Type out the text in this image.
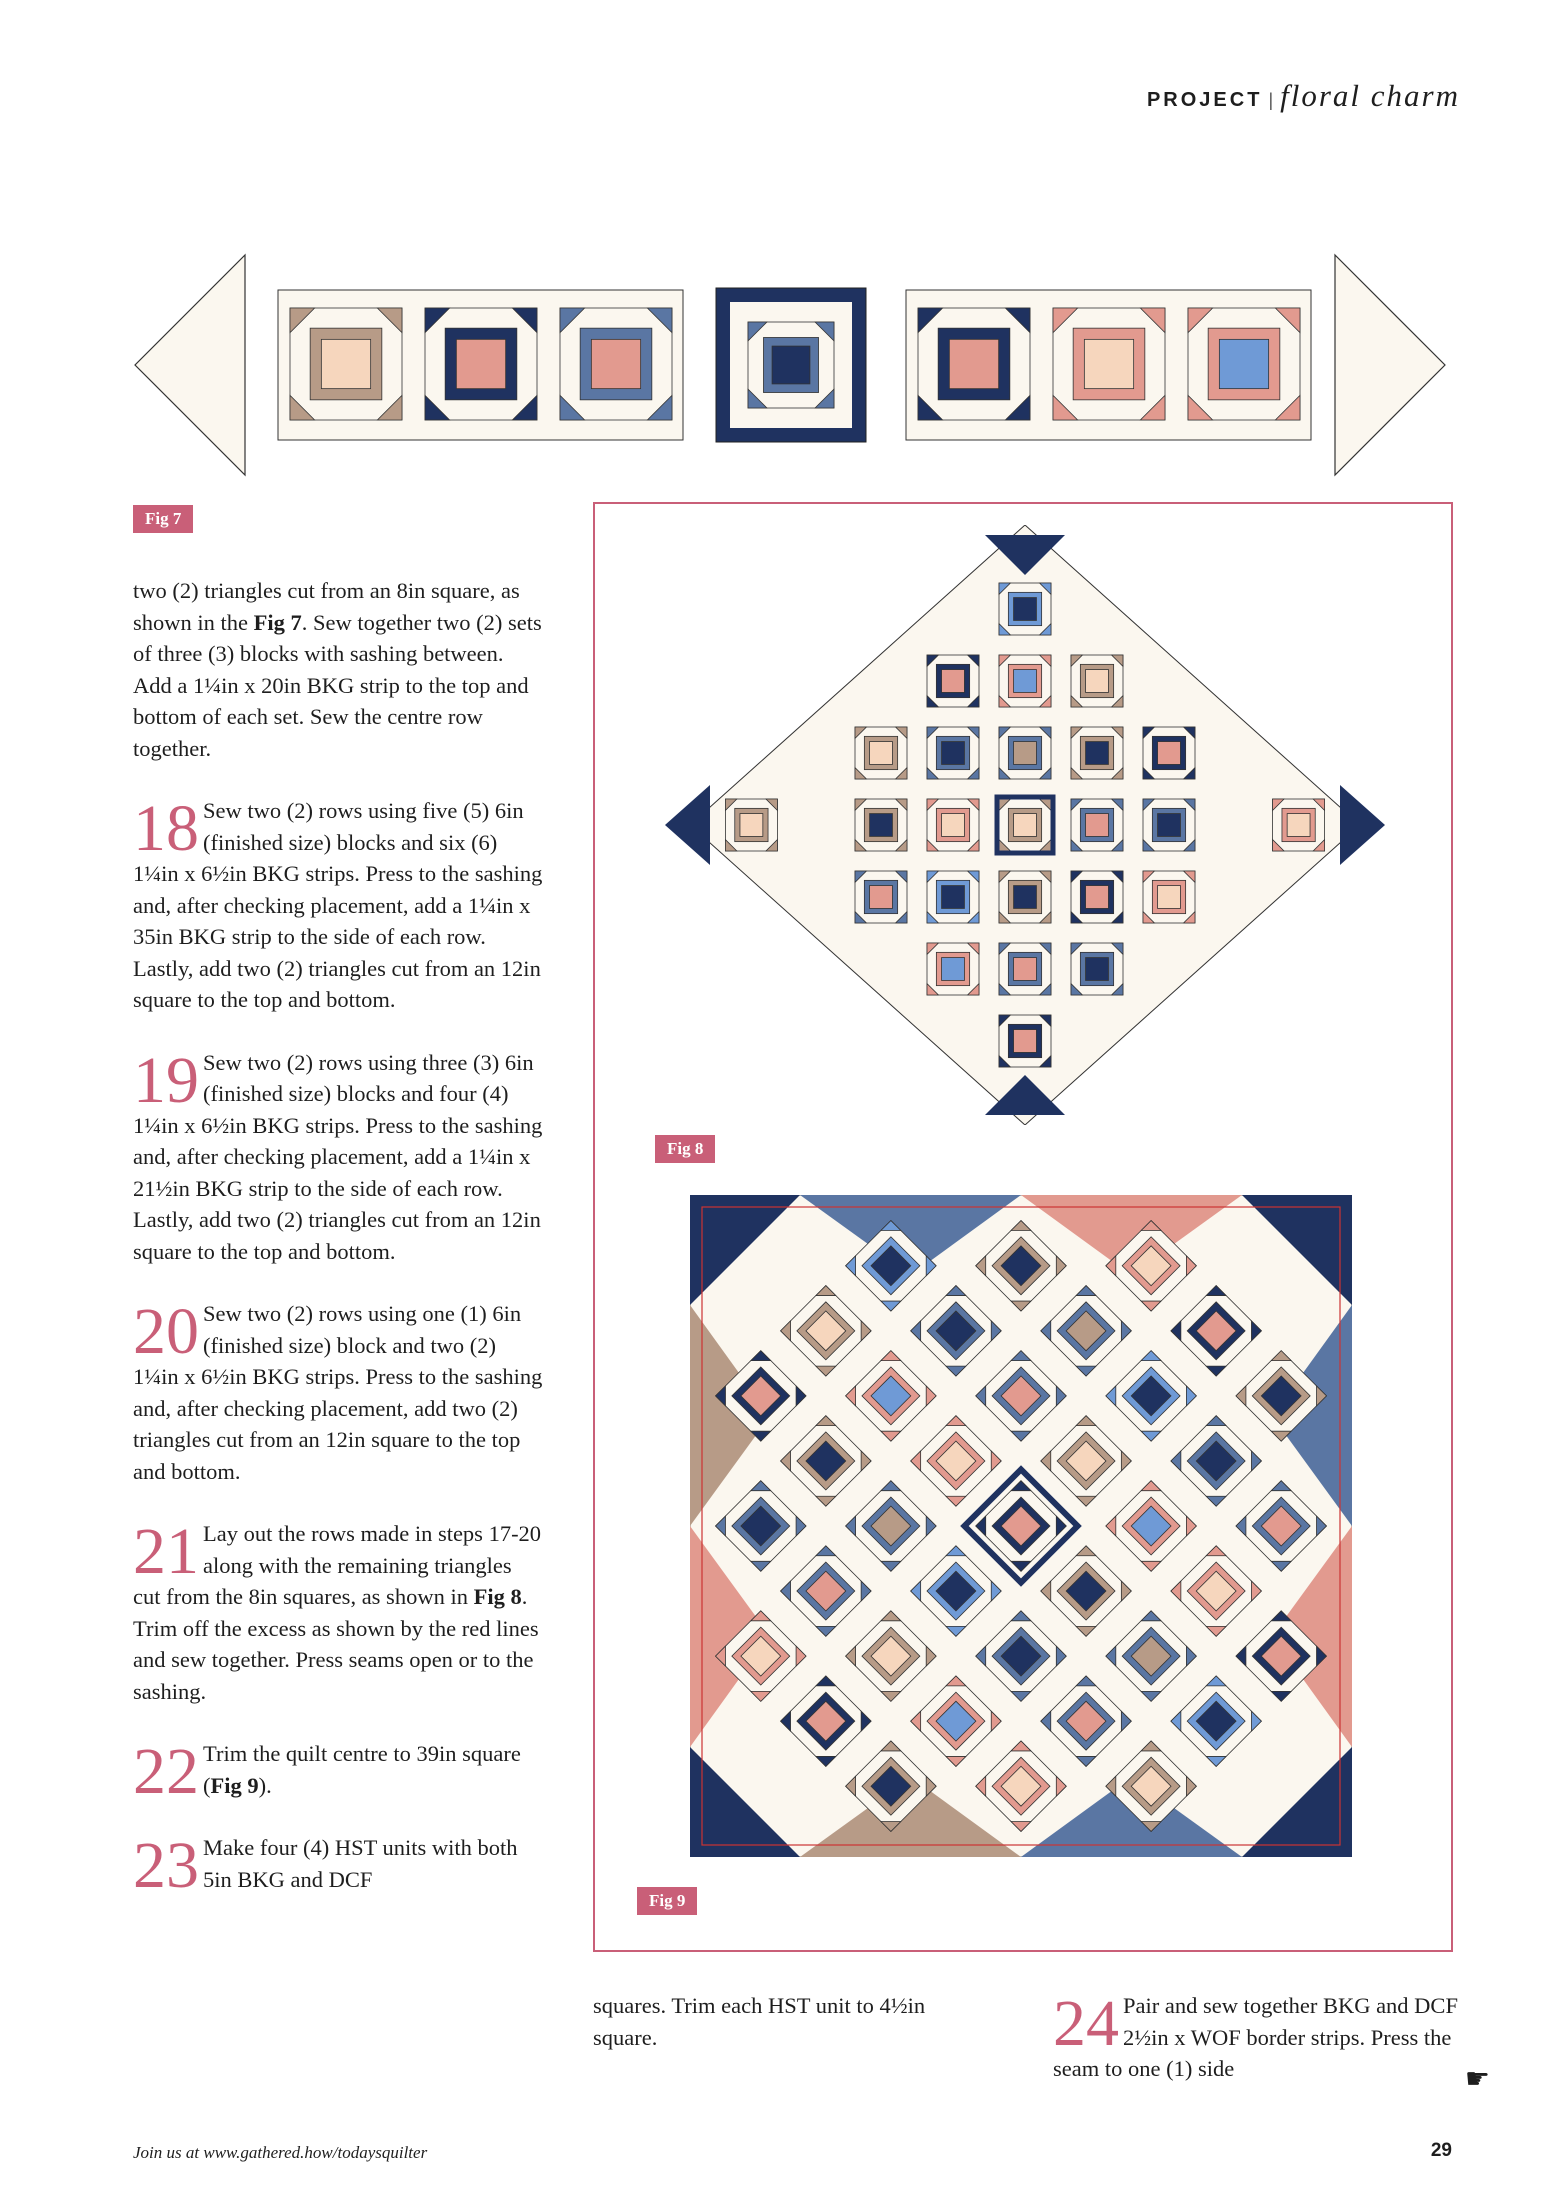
PROJECT | floral charm
Fig 7
Fig 8
Fig 9

two (2) triangles cut from an 8in square, as shown in the Fig 7. Sew together two (2) sets of three (3) blocks with sashing between. Add a 1¼in x 20in BKG strip to the top and bottom of each set. Sew the centre row together.

18 Sew two (2) rows using five (5) 6in (finished size) blocks and six (6) 1¼in x 6½in BKG strips. Press to the sashing and, after checking placement, add a 1¼in x 35in BKG strip to the side of each row. Lastly, add two (2) triangles cut from an 12in square to the top and bottom.
19 Sew two (2) rows using three (3) 6in (finished size) blocks and four (4) 1¼in x 6½in BKG strips. Press to the sashing and, after checking placement, add a 1¼in x 21½in BKG strip to the side of each row. Lastly, add two (2) triangles cut from an 12in square to the top and bottom.
20 Sew two (2) rows using one (1) 6in (finished size) block and two (2) 1¼in x 6½in BKG strips. Press to the sashing and, after checking placement, add two (2) triangles cut from an 12in square to the top and bottom.
21 Lay out the rows made in steps 17-20 along with the remaining triangles cut from the 8in squares, as shown in Fig 8. Trim off the excess as shown by the red lines and sew together. Press seams open or to the sashing.
22 Trim the quilt centre to 39in square (Fig 9).
23 Make four (4) HST units with both 5in BKG and DCF
squares. Trim each HST unit to 4½in square.	24 Pair and sew together BKG and DCF 2½in x WOF border strips. Press the seam to one (1) side	☛
Join us at www.gathered.how/todaysquilter	29
